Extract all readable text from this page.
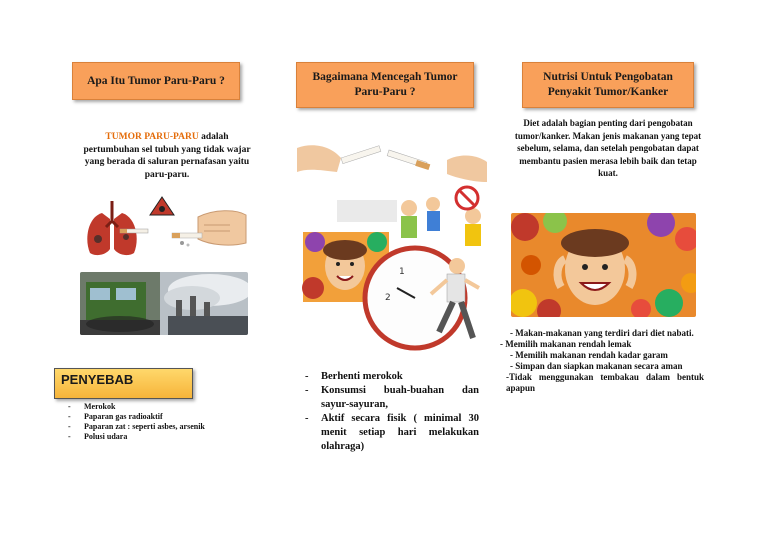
Apa Itu Tumor Paru-Paru ?
TUMOR PARU-PARU adalah pertumbuhan sel tubuh yang tidak wajar yang berada di saluran pernafasan yaitu paru-paru.
PENYEBAB
- Merokok
- Paparan gas radioaktif
- Paparan zat : seperti asbes, arsenik
- Polusi udara
Bagaimana Mencegah Tumor Paru-Paru ?
1
2
- Berhenti merokok
- Konsumsi buah-buahan dan sayur-sayuran,
- Aktif secara fisik ( minimal 30 menit setiap hari melakukan olahraga)
Nutrisi Untuk Pengobatan Penyakit Tumor/Kanker
Diet adalah bagian penting dari pengobatan tumor/kanker. Makan jenis makanan yang tepat sebelum, selama, dan setelah pengobatan dapat membantu pasien merasa lebih baik dan tetap kuat.
- Makan-makanan yang terdiri dari diet nabati.
- Memilih makanan rendah lemak
- Memilih makanan rendah kadar garam
- Simpan dan siapkan makanan secara aman
-Tidak menggunakan tembakau dalam bentuk apapun
